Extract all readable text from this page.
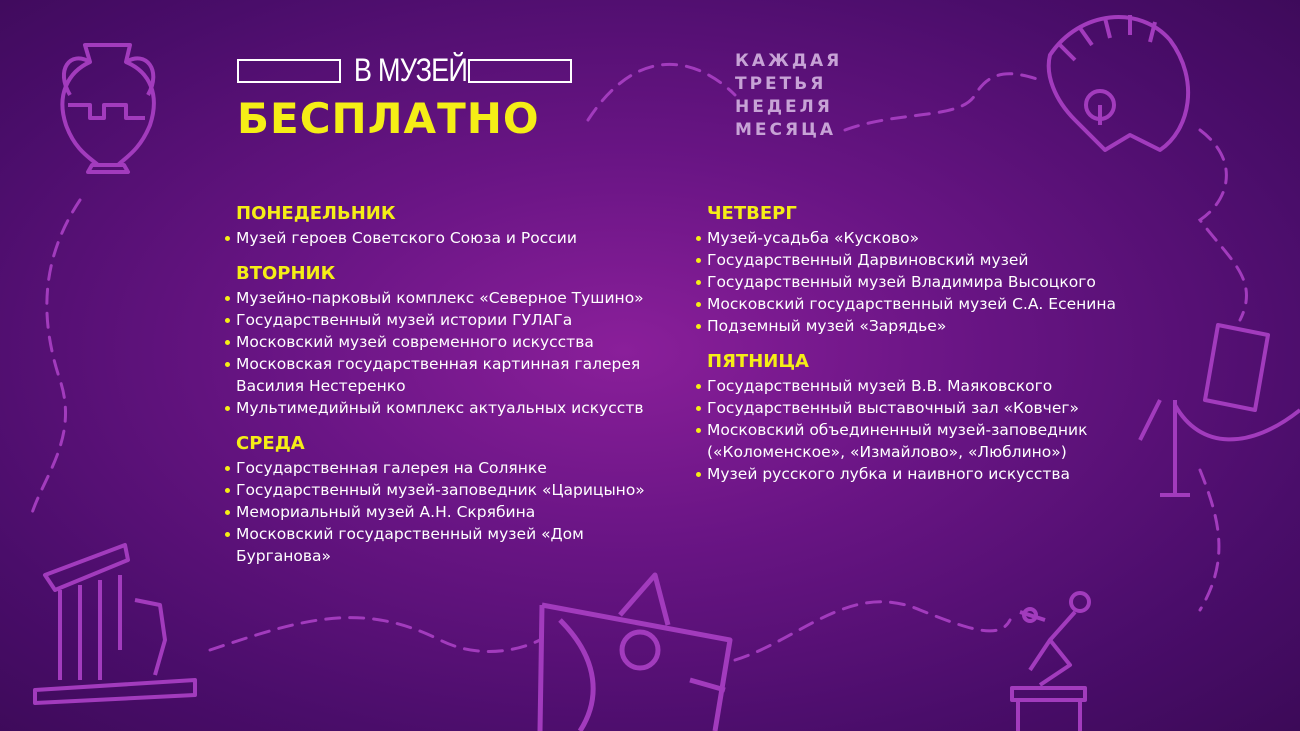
В МУЗЕЙ
БЕСПЛАТНО
КАЖДАЯ
ТРЕТЬЯ
НЕДЕЛЯ
МЕСЯЦА
ПОНЕДЕЛЬНИК
Музей героев Советского Союза и России
ВТОРНИК
Музейно-парковый комплекс «Северное Тушино»
Государственный музей истории ГУЛАГа
Московский музей современного искусства
Московская государственная картинная галерея Василия Нестеренко
Мультимедийный комплекс актуальных искусств
СРЕДА
Государственная галерея на Солянке
Государственный музей-заповедник «Царицыно»
Мемориальный музей А.Н. Скрябина
Московский государственный музей «Дом Бурганова»
ЧЕТВЕРГ
Музей-усадьба «Кусково»
Государственный Дарвиновский музей
Государственный музей Владимира Высоцкого
Московский государственный музей С.А. Есенина
Подземный музей «Зарядье»
ПЯТНИЦА
Государственный музей В.В. Маяковского
Государственный выставочный зал «Ковчег»
Московский объединенный музей-заповедник («Коломенское», «Измайлово», «Люблино»)
Музей русского лубка и наивного искусства
